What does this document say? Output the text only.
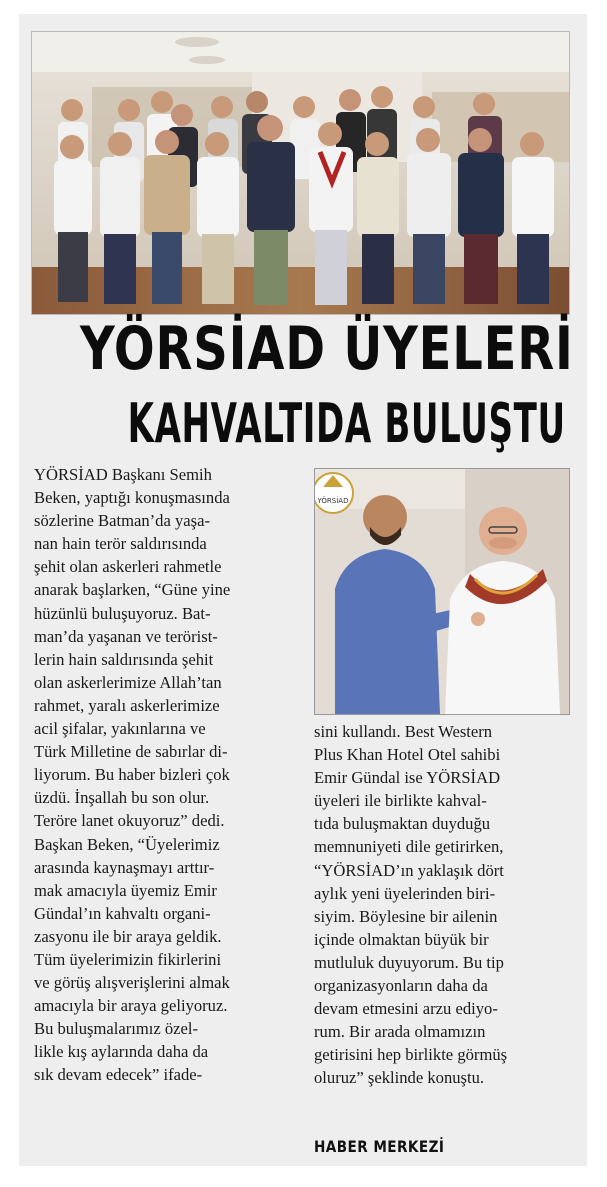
YÖRSİAD ÜYELERİ
KAHVALTIDA BULUŞTU
YÖRSİAD
YÖRSİAD Başkanı Semih
Beken, yaptığı konuşmasında
sözlerine Batman’da yaşa-
nan hain terör saldırısında
şehit olan askerleri rahmetle
anarak başlarken, “Güne yine
hüzünlü buluşuyoruz. Bat-
man’da yaşanan ve terörist-
lerin hain saldırısında şehit
olan askerlerimize Allah’tan
rahmet, yaralı askerlerimize
acil şifalar, yakınlarına ve
Türk Milletine de sabırlar di-
liyorum. Bu haber bizleri çok
üzdü. İnşallah bu son olur.
Teröre lanet okuyoruz” dedi.
Başkan Beken, “Üyelerimiz
arasında kaynaşmayı arttır-
mak amacıyla üyemiz Emir
Gündal’ın kahvaltı organi-
zasyonu ile bir araya geldik.
Tüm üyelerimizin fikirlerini
ve görüş alışverişlerini almak
amacıyla bir araya geliyoruz.
Bu buluşmalarımız özel-
likle kış aylarında daha da
sık devam edecek” ifade-
sini kullandı. Best Western
Plus Khan Hotel Otel sahibi
Emir Gündal ise YÖRSİAD
üyeleri ile birlikte kahval-
tıda buluşmaktan duyduğu
memnuniyeti dile getirirken,
“YÖRSİAD’ın yaklaşık dört
aylık yeni üyelerinden biri-
siyim. Böylesine bir ailenin
içinde olmaktan büyük bir
mutluluk duyuyorum. Bu tip
organizasyonların daha da
devam etmesini arzu ediyo-
rum. Bir arada olmamızın
getirisini hep birlikte görmüş
oluruz” şeklinde konuştu.
HABER MERKEZİ
